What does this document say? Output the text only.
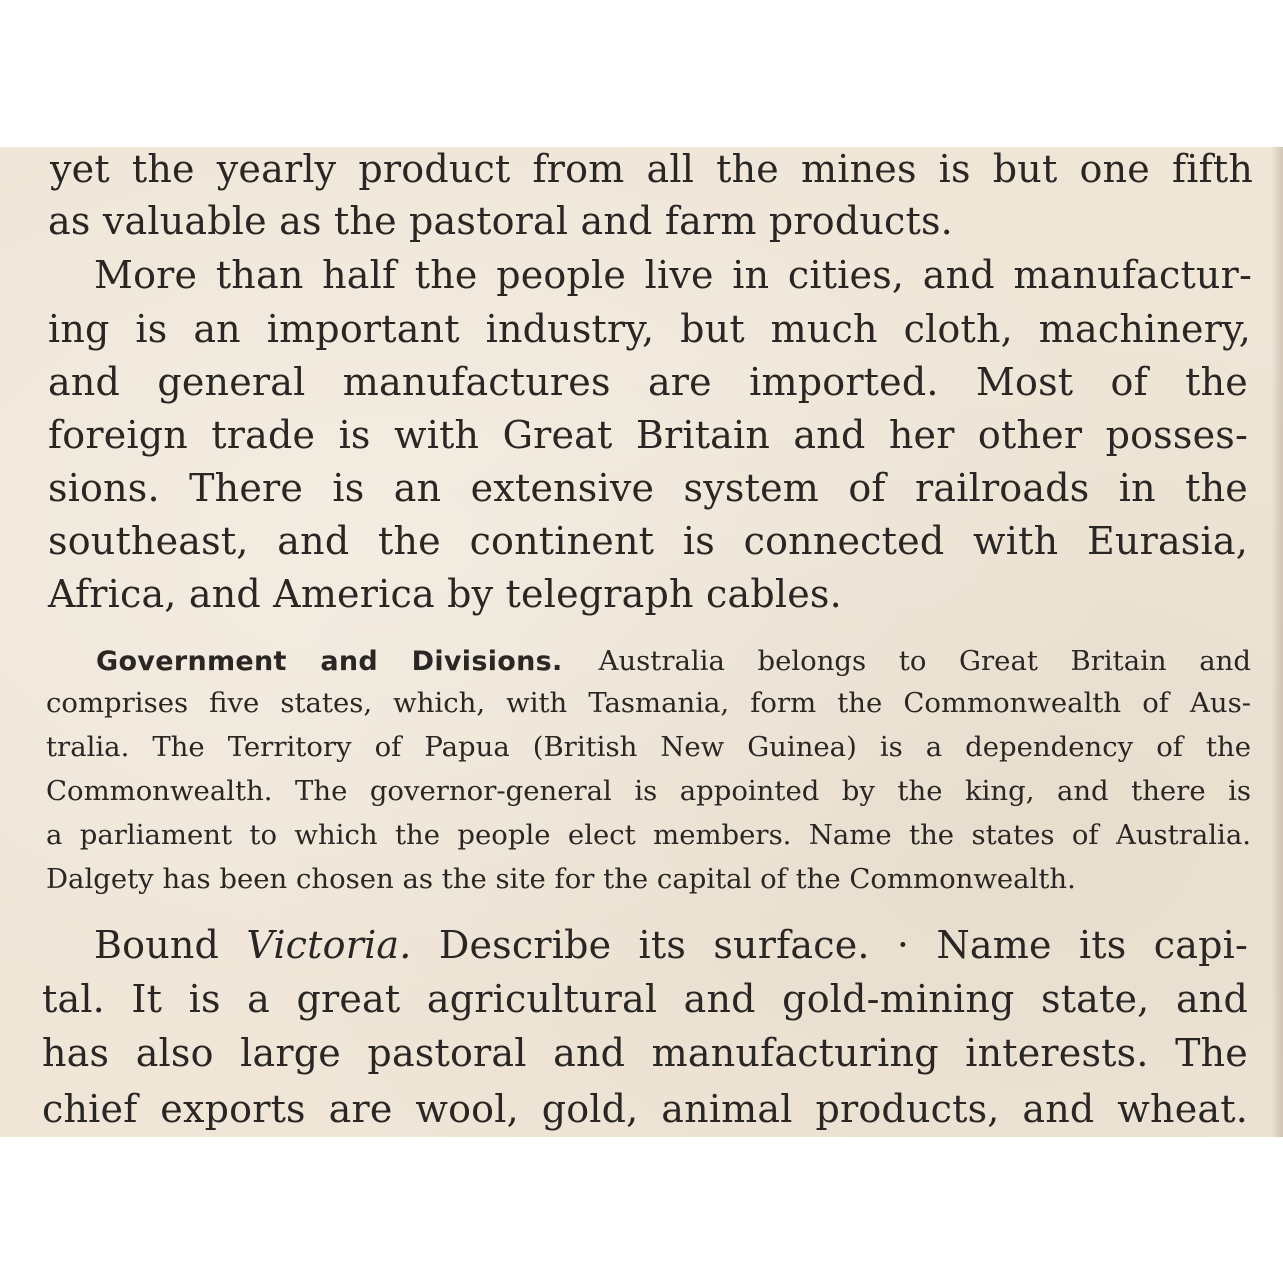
yet the yearly product from all the mines is but one fifth
as valuable as the pastoral and farm products.
More than half the people live in cities, and manufactur-
ing is an important industry, but much cloth, machinery,
and general manufactures are imported. Most of the
foreign trade is with Great Britain and her other posses-
sions. There is an extensive system of railroads in the
southeast, and the continent is connected with Eurasia,
Africa, and America by telegraph cables.
Government and Divisions. Australia belongs to Great Britain and
comprises five states, which, with Tasmania, form the Commonwealth of Aus-
tralia. The Territory of Papua (British New Guinea) is a dependency of the
Commonwealth. The governor-general is appointed by the king, and there is
a parliament to which the people elect members. Name the states of Australia.
Dalgety has been chosen as the site for the capital of the Commonwealth.
Bound Victoria. Describe its surface. · Name its capi-
tal. It is a great agricultural and gold-mining state, and
has also large pastoral and manufacturing interests. The
chief exports are wool, gold, animal products, and wheat.
